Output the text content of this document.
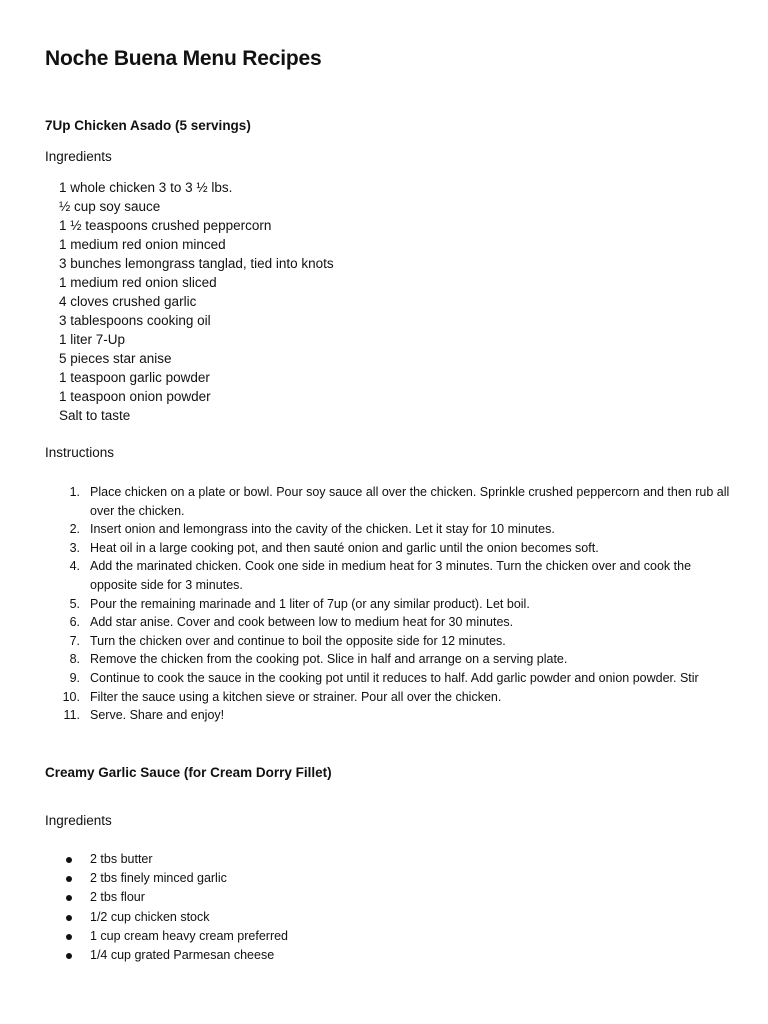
Noche Buena Menu Recipes
7Up Chicken Asado (5 servings)
Ingredients
1 whole chicken 3 to 3 ½ lbs.
½ cup soy sauce
1 ½ teaspoons crushed peppercorn
1 medium red onion minced
3 bunches lemongrass tanglad, tied into knots
1 medium red onion sliced
4 cloves crushed garlic
3 tablespoons cooking oil
1 liter 7-Up
5 pieces star anise
1 teaspoon garlic powder
1 teaspoon onion powder
Salt to taste
Instructions
1. Place chicken on a plate or bowl. Pour soy sauce all over the chicken. Sprinkle crushed peppercorn and then rub all over the chicken.
2. Insert onion and lemongrass into the cavity of the chicken. Let it stay for 10 minutes.
3. Heat oil in a large cooking pot, and then sauté onion and garlic until the onion becomes soft.
4. Add the marinated chicken. Cook one side in medium heat for 3 minutes. Turn the chicken over and cook the opposite side for 3 minutes.
5. Pour the remaining marinade and 1 liter of 7up (or any similar product). Let boil.
6. Add star anise. Cover and cook between low to medium heat for 30 minutes.
7. Turn the chicken over and continue to boil the opposite side for 12 minutes.
8. Remove the chicken from the cooking pot. Slice in half and arrange on a serving plate.
9. Continue to cook the sauce in the cooking pot until it reduces to half. Add garlic powder and onion powder. Stir
10. Filter the sauce using a kitchen sieve or strainer. Pour all over the chicken.
11. Serve. Share and enjoy!
Creamy Garlic Sauce (for Cream Dorry Fillet)
Ingredients
2 tbs butter
2 tbs finely minced garlic
2 tbs flour
1/2 cup chicken stock
1 cup cream heavy cream preferred
1/4 cup grated Parmesan cheese
